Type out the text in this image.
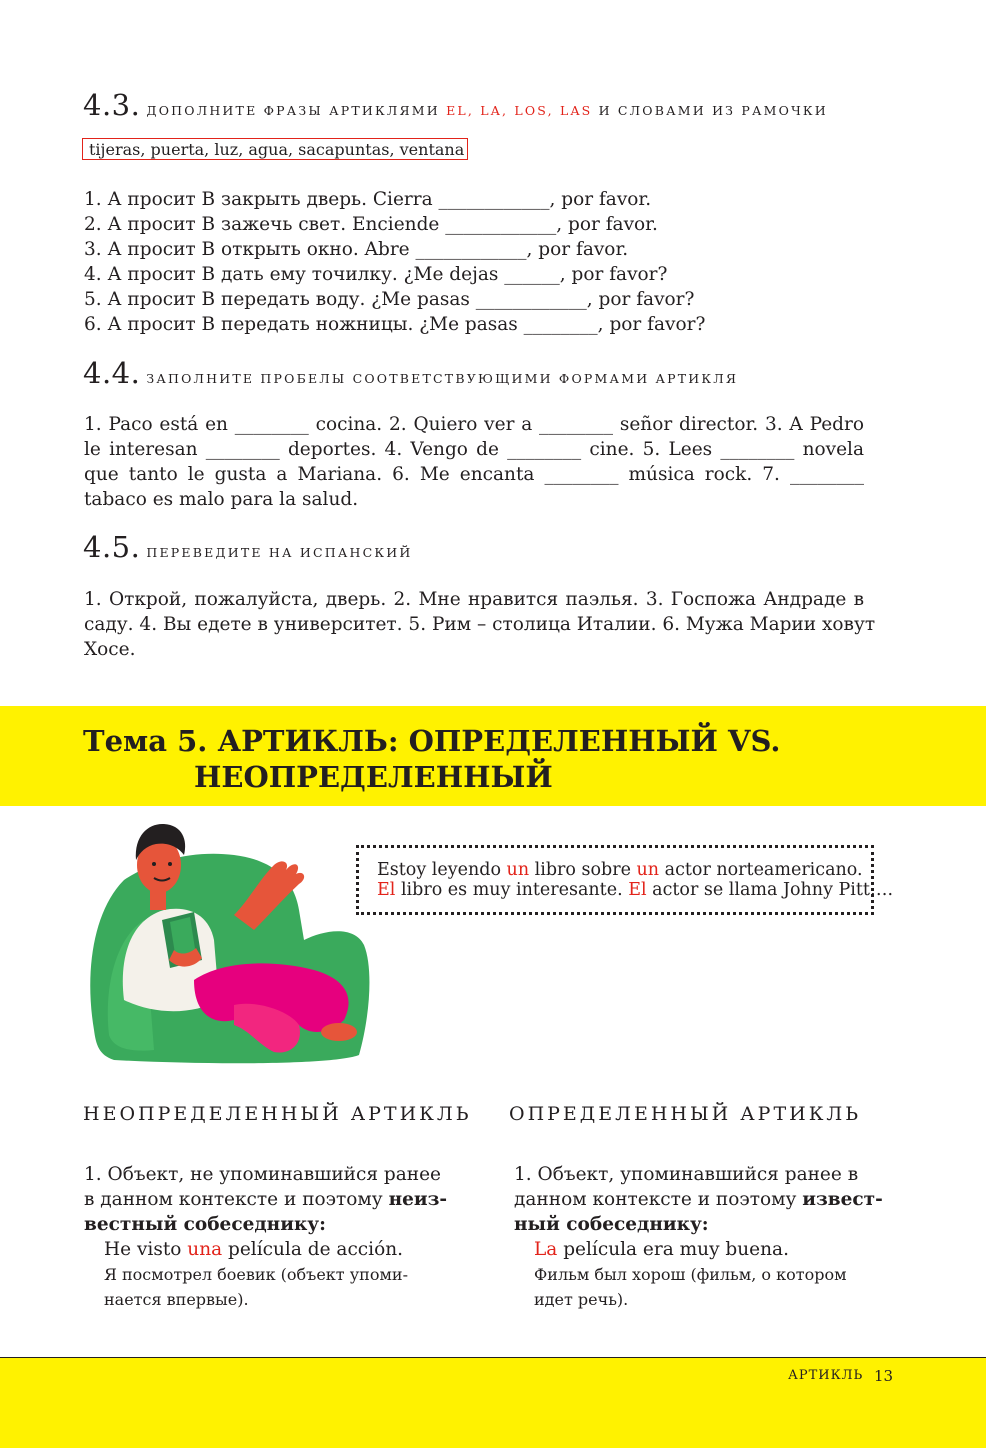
4.3. ДОПОЛНИТЕ ФРАЗЫ АРТИКЛЯМИ EL, LA, LOS, LAS И СЛОВАМИ ИЗ РАМОЧКИ
tijeras, puerta, luz, agua, sacapuntas, ventana
1. А просит В закрыть дверь. Cierra ____________, por favor.
2. А просит В зажечь свет. Enciende ____________, por favor.
3. А просит В открыть окно. Abre ____________, por favor.
4. А просит В дать ему точилку. ¿Me dejas ______, por favor?
5. А просит В передать воду. ¿Me pasas ____________, por favor?
6. А просит В передать ножницы. ¿Me pasas ________, por favor?
4.4. ЗАПОЛНИТЕ ПРОБЕЛЫ СООТВЕТСТВУЮЩИМИ ФОРМАМИ АРТИКЛЯ
1. Paco está en ________ cocina. 2. Quiero ver a ________ señor director. 3. A Pedro
le interesan ________ deportes. 4. Vengo de ________ cine. 5. Lees ________ novela
que tanto le gusta a Mariana. 6. Me encanta ________ música rock. 7. ________
tabaco es malo para la salud.
4.5. ПЕРЕВЕДИТЕ НА ИСПАНСКИЙ
1. Открой, пожалуйста, дверь. 2. Мне нравится паэлья. 3. Госпожа Андраде в
саду. 4. Вы едете в университет. 5. Рим – столица Италии. 6. Мужа Марии ховут
Хосе.
Тема 5. АРТИКЛЬ: ОПРЕДЕЛЕННЫЙ VS.
НЕОПРЕДЕЛЕННЫЙ
Estoy leyendo un libro sobre un actor norteamericano.
El libro es muy interesante. El actor se llama Johny Pitt….
НЕОПРЕДЕЛЕННЫЙ АРТИКЛЬ ОПРЕДЕЛЕННЫЙ АРТИКЛЬ
1. Объект, не упоминавшийся ранее
в данном контексте и поэтому неиз-
вестный собеседнику:
He visto una película de acción.
Я посмотрел боевик (объект упоми-
нается впервые).
1. Объект, упоминавшийся ранее в
данном контексте и поэтому извест-
ный собеседнику:
La película era muy buena.
Фильм был хорош (фильм, о котором
идет речь).
АРТИКЛЬ 13
